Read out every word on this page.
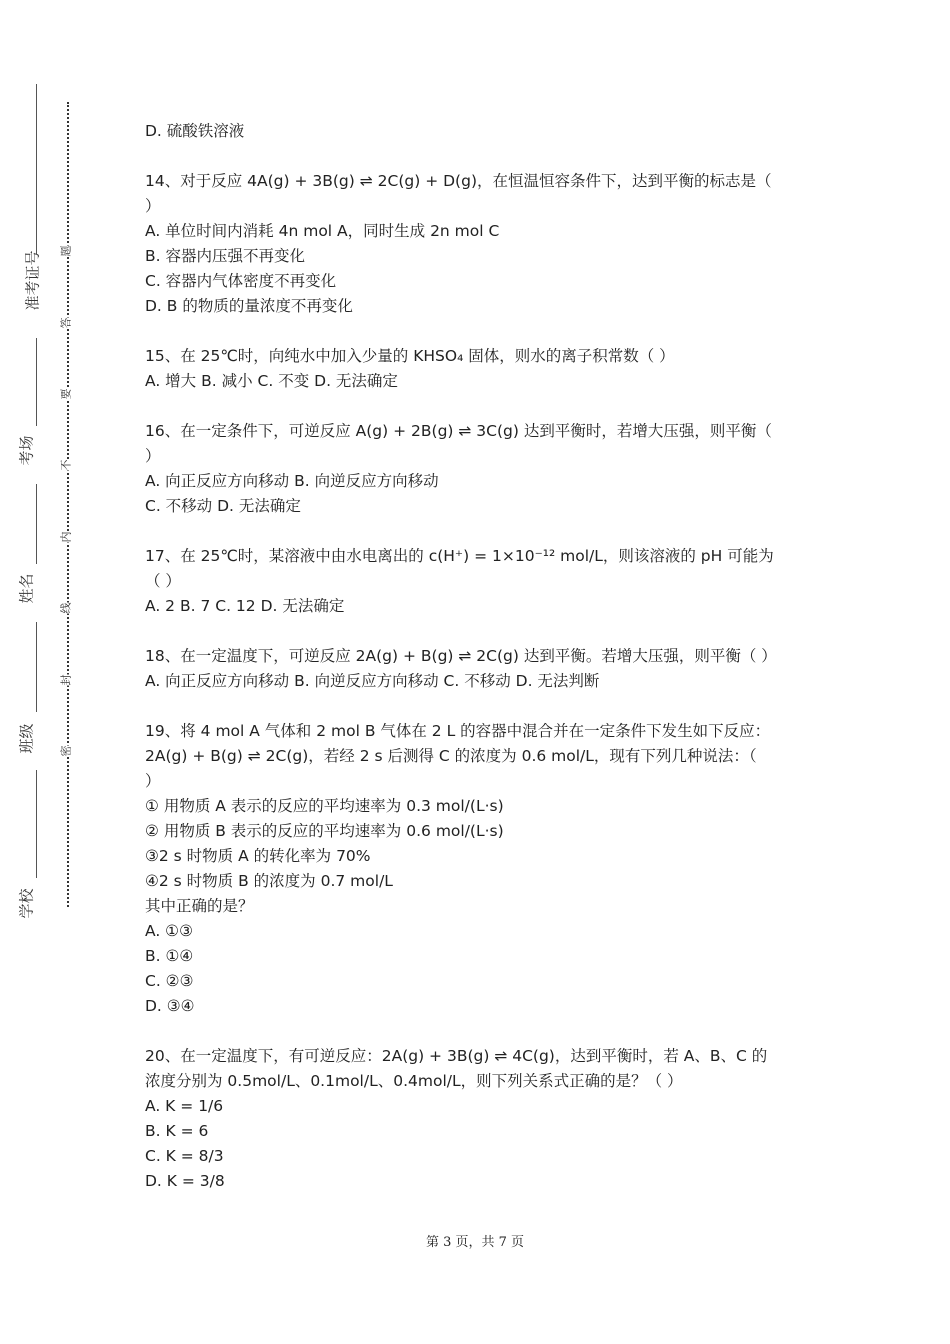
准考证号
考场
姓名
班级
学校
题
答
要
不
内
线
封
密
D. 硫酸铁溶液
14、对于反应 4A(g) + 3B(g) ⇌ 2C(g) + D(g)，在恒温恒容条件下，达到平衡的标志是（
）
A. 单位时间内消耗 4n mol A，同时生成 2n mol C
B. 容器内压强不再变化
C. 容器内气体密度不再变化
D. B 的物质的量浓度不再变化
15、在 25℃时，向纯水中加入少量的 KHSO₄ 固体，则水的离子积常数（ ）
A. 增大 B. 减小 C. 不变 D. 无法确定
16、在一定条件下，可逆反应 A(g) + 2B(g) ⇌ 3C(g) 达到平衡时，若增大压强，则平衡（
）
A. 向正反应方向移动 B. 向逆反应方向移动
C. 不移动 D. 无法确定
17、在 25℃时，某溶液中由水电离出的 c(H⁺) = 1×10⁻¹² mol/L，则该溶液的 pH 可能为
（ ）
A. 2 B. 7 C. 12 D. 无法确定
18、在一定温度下，可逆反应 2A(g) + B(g) ⇌ 2C(g) 达到平衡。若增大压强，则平衡（ ）
A. 向正反应方向移动 B. 向逆反应方向移动 C. 不移动 D. 无法判断
19、将 4 mol A 气体和 2 mol B 气体在 2 L 的容器中混合并在一定条件下发生如下反应：
2A(g) + B(g) ⇌ 2C(g)，若经 2 s 后测得 C 的浓度为 0.6 mol/L，现有下列几种说法：（
）
① 用物质 A 表示的反应的平均速率为 0.3 mol/(L·s)
② 用物质 B 表示的反应的平均速率为 0.6 mol/(L·s)
③2 s 时物质 A 的转化率为 70%
④2 s 时物质 B 的浓度为 0.7 mol/L
其中正确的是？
A. ①③
B. ①④
C. ②③
D. ③④
20、在一定温度下，有可逆反应：2A(g) + 3B(g) ⇌ 4C(g)，达到平衡时，若 A、B、C 的
浓度分别为 0.5mol/L、0.1mol/L、0.4mol/L，则下列关系式正确的是？（ ）
A. K = 1/6
B. K = 6
C. K = 8/3
D. K = 3/8
第 3 页，共 7 页
